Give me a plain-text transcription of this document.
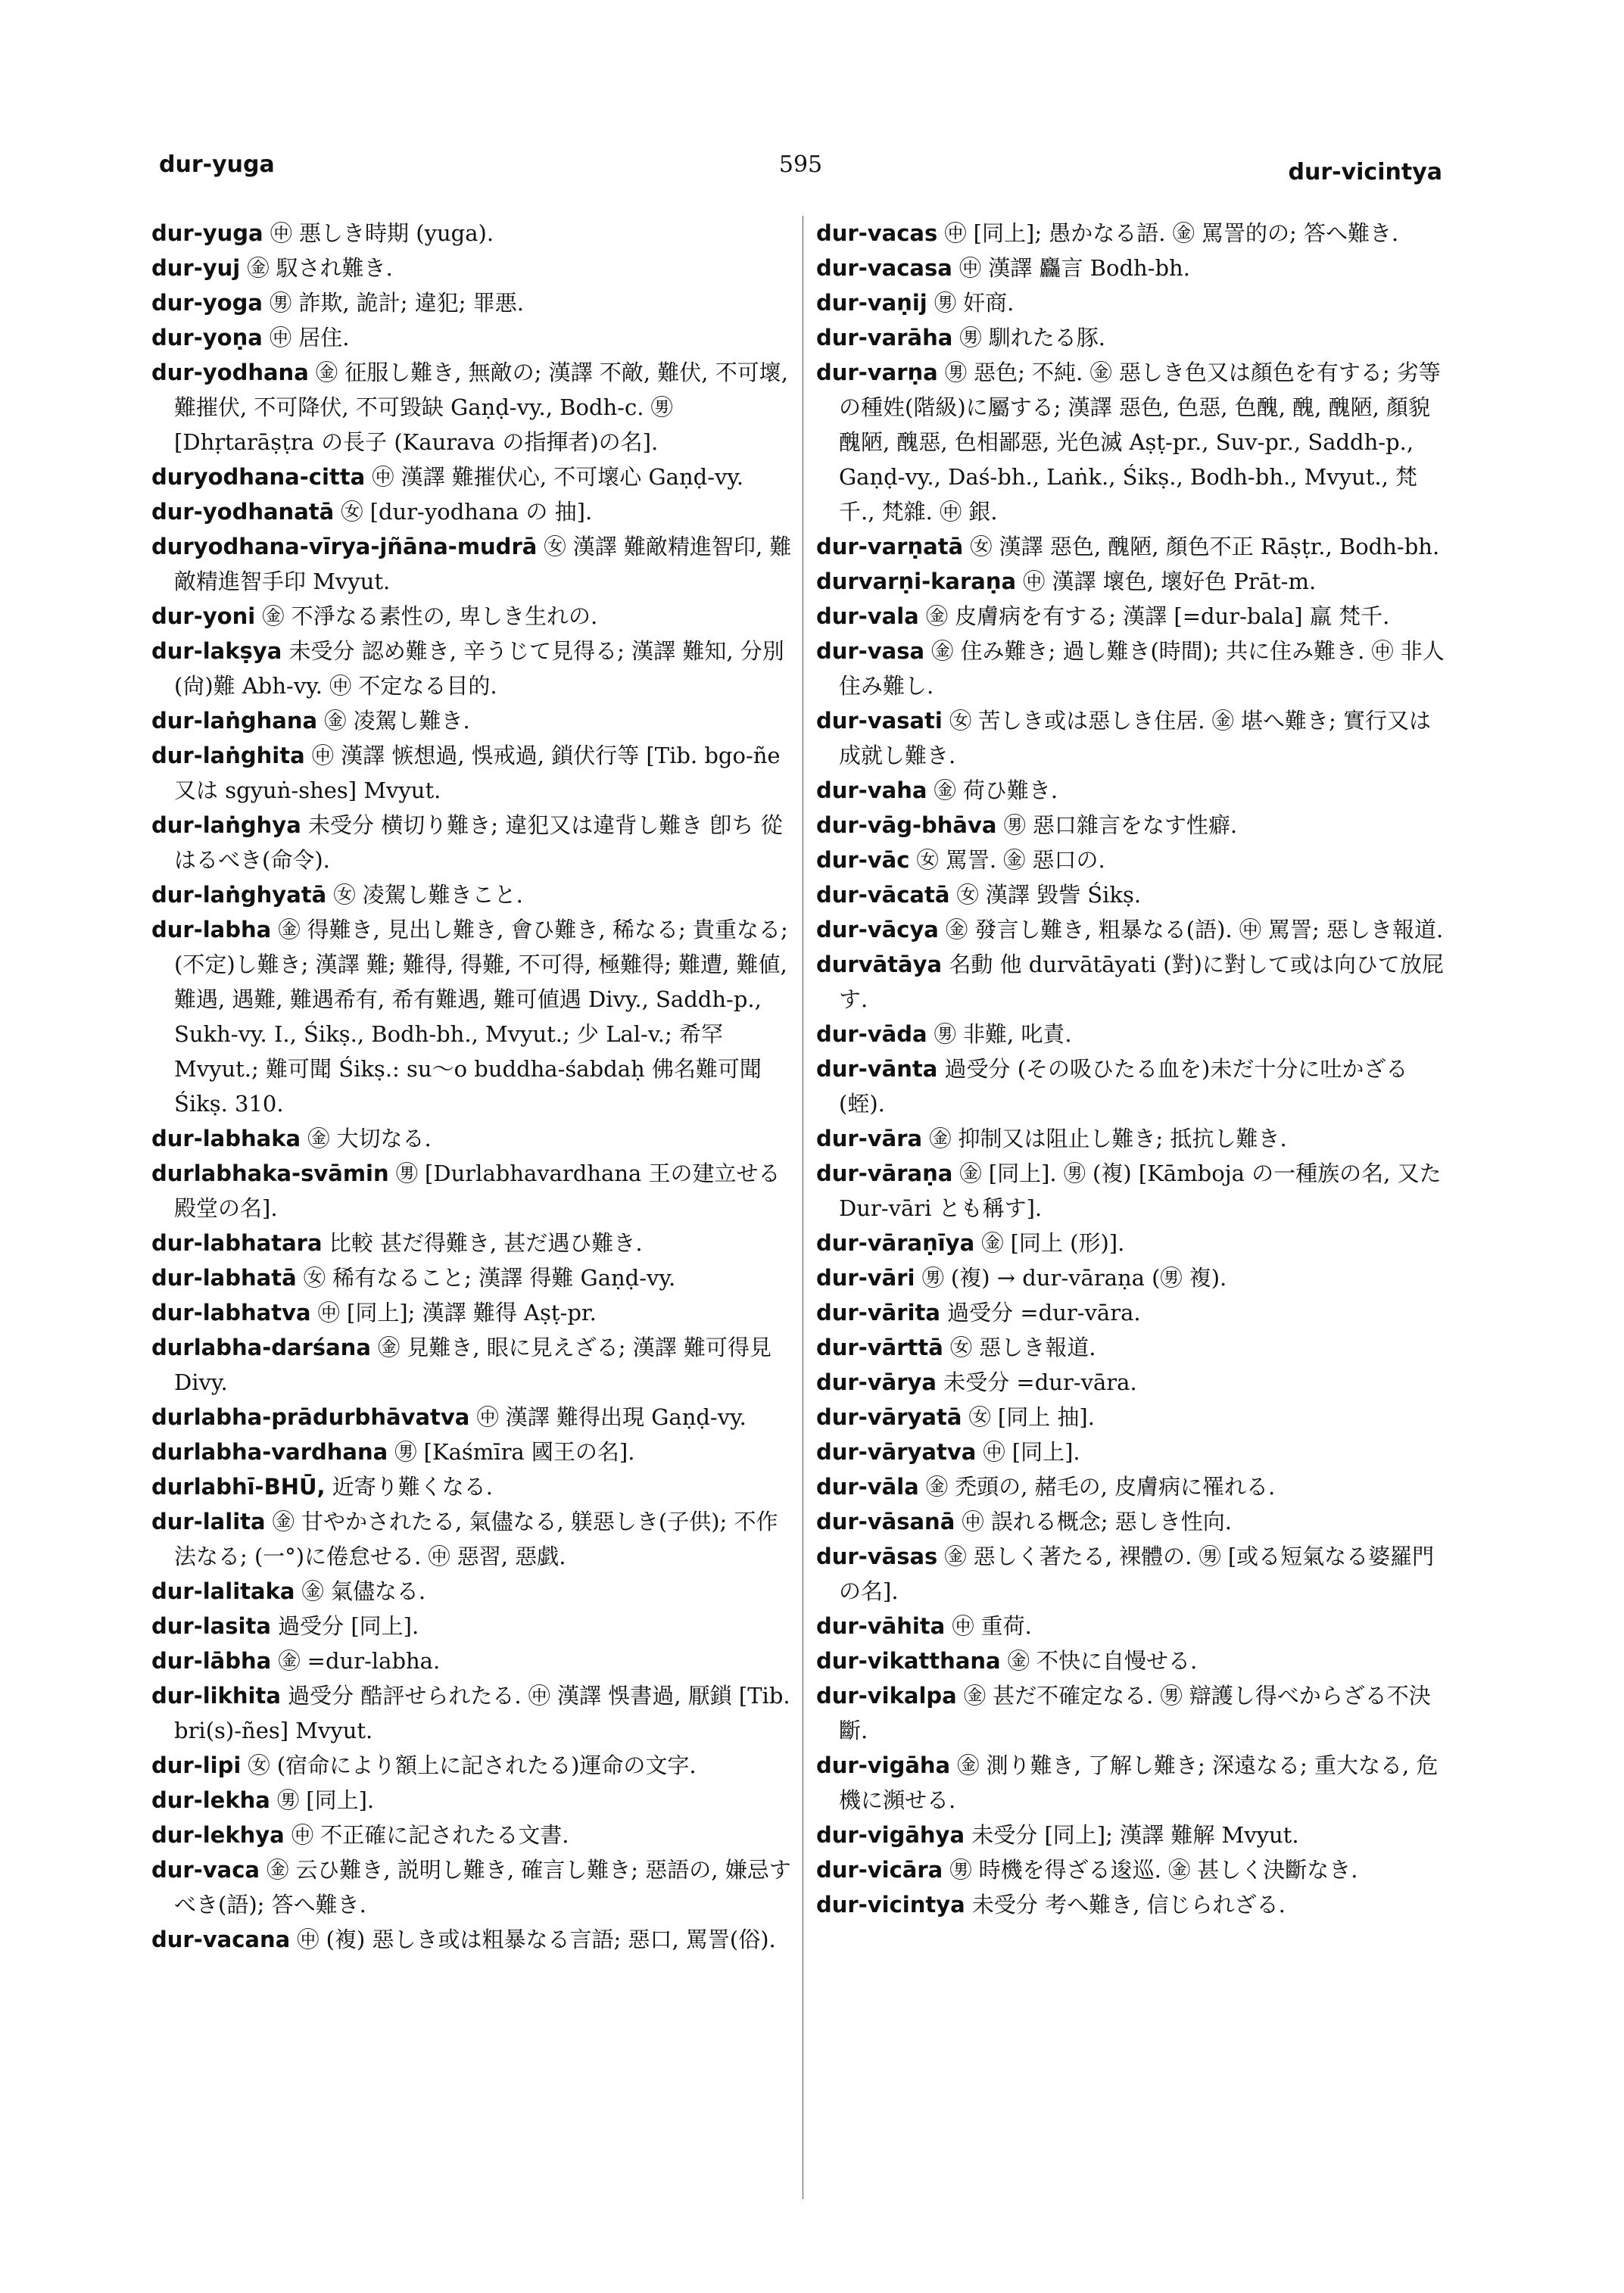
595
dur-yuga	dur-vicintya

dur-yuga ㊥ 悪しき時期 (yuga).

dur-yuj ㊎ 馭され難き.

dur-yoga ㊚ 詐欺, 詭計; 違犯; 罪悪.

dur-yoṇa ㊥ 居住.

dur-yodhana ㊎ 征服し難き, 無敵の; 漢譯 不敵, 難伏, 不可壞, 難摧伏, 不可降伏, 不可毀缺 Gaṇḍ-vy., Bodh-c. ㊚ [Dhṛtarāṣṭra の長子 (Kaurava の指揮者)の名].

duryodhana-citta ㊥ 漢譯 難摧伏心, 不可壞心 Gaṇḍ-vy.

dur-yodhanatā ㊛ [dur-yodhana の 抽].

duryodhana-vīrya-jñāna-mudrā ㊛ 漢譯 難敵精進智印, 難敵精進智手印 Mvyut.

dur-yoni ㊎ 不淨なる素性の, 卑しき生れの.

dur-lakṣya 未受分 認め難き, 辛うじて見得る; 漢譯 難知, 分別(尙)難 Abh-vy. ㊥ 不定なる目的.

dur-laṅghana ㊎ 凌駕し難き.

dur-laṅghita ㊥ 漢譯 愱想過, 悞戒過, 鎖伏行等 [Tib. bgo-ñe 又は sgyuṅ-shes] Mvyut.

dur-laṅghya 未受分 横切り難き; 違犯又は違背し難き 卽ち 從はるべき(命令).

dur-laṅghyatā ㊛ 凌駕し難きこと.

dur-labha ㊎ 得難き, 見出し難き, 會ひ難き, 稀なる; 貴重なる; (不定)し難き; 漢譯 難; 難得, 得難, 不可得, 極難得; 難遭, 難値, 難遇, 遇難, 難遇希有, 希有難遇, 難可値遇 Divy., Saddh-p., Sukh-vy. I., Śikṣ., Bodh-bh., Mvyut.; 少 Lal-v.; 希罕 Mvyut.; 難可聞 Śikṣ.: su〜o buddha-śabdaḥ 佛名難可聞 Śikṣ. 310.

dur-labhaka ㊎ 大切なる.

durlabhaka-svāmin ㊚ [Durlabhavardhana 王の建立せる殿堂の名].

dur-labhatara 比較 甚だ得難き, 甚だ遇ひ難き.

dur-labhatā ㊛ 稀有なること; 漢譯 得難 Gaṇḍ-vy.

dur-labhatva ㊥ [同上]; 漢譯 難得 Aṣṭ-pr.

durlabha-darśana ㊎ 見難き, 眼に見えざる; 漢譯 難可得見 Divy.

durlabha-prādurbhāvatva ㊥ 漢譯 難得出現 Gaṇḍ-vy.

durlabha-vardhana ㊚ [Kaśmīra 國王の名].

durlabhī-BHŪ, 近寄り難くなる.

dur-lalita ㊎ 甘やかされたる, 氣儘なる, 躾惡しき(子供); 不作法なる; (一°)に倦怠せる. ㊥ 惡習, 惡戯.

dur-lalitaka ㊎ 氣儘なる.

dur-lasita 過受分 [同上].

dur-lābha ㊎ =dur-labha.

dur-likhita 過受分 酷評せられたる. ㊥ 漢譯 悞書過, 厭鎖 [Tib. bri(s)-ñes] Mvyut.

dur-lipi ㊛ (宿命により額上に記されたる)運命の文字.

dur-lekha ㊚ [同上].

dur-lekhya ㊥ 不正確に記されたる文書.

dur-vaca ㊎ 云ひ難き, 説明し難き, 確言し難き; 惡語の, 嫌忌すべき(語); 答へ難き.

dur-vacana ㊥ (複) 惡しき或は粗暴なる言語; 惡口, 罵詈(俗).

dur-vacas ㊥ [同上]; 愚かなる語. ㊎ 罵詈的の; 答へ難き.

dur-vacasa ㊥ 漢譯 麤言 Bodh-bh.

dur-vaṇij ㊚ 奸商.

dur-varāha ㊚ 馴れたる豚.

dur-varṇa ㊚ 惡色; 不純. ㊎ 惡しき色又は顏色を有する; 劣等の種姓(階級)に屬する; 漢譯 惡色, 色惡, 色醜, 醜, 醜陋, 顏貌醜陋, 醜惡, 色相鄙惡, 光色滅 Aṣṭ-pr., Suv-pr., Saddh-p., Gaṇḍ-vy., Daś-bh., Laṅk., Śikṣ., Bodh-bh., Mvyut., 梵千., 梵雜. ㊥ 銀.

dur-varṇatā ㊛ 漢譯 惡色, 醜陋, 顏色不正 Rāṣṭr., Bodh-bh.

durvarṇi-karaṇa ㊥ 漢譯 壞色, 壞好色 Prāt-m.

dur-vala ㊎ 皮膚病を有する; 漢譯 [=dur-bala] 羸 梵千.

dur-vasa ㊎ 住み難き; 過し難き(時間); 共に住み難き. ㊥ 非人 住み難し.

dur-vasati ㊛ 苦しき或は惡しき住居. ㊎ 堪へ難き; 實行又は成就し難き.

dur-vaha ㊎ 荷ひ難き.

dur-vāg-bhāva ㊚ 惡口雜言をなす性癖.

dur-vāc ㊛ 罵詈. ㊎ 惡口の.

dur-vācatā ㊛ 漢譯 毀訾 Śikṣ.

dur-vācya ㊎ 發言し難き, 粗暴なる(語). ㊥ 罵詈; 惡しき報道.

durvātāya 名動 他 durvātāyati (對)に對して或は向ひて放屁す.

dur-vāda ㊚ 非難, 叱責.

dur-vānta 過受分 (その吸ひたる血を)未だ十分に吐かざる(蛭).

dur-vāra ㊎ 抑制又は阻止し難き; 抵抗し難き.

dur-vāraṇa ㊎ [同上]. ㊚ (複) [Kāmboja の一種族の名, 又た Dur-vāri とも稱す].

dur-vāraṇīya ㊎ [同上 (形)].

dur-vāri ㊚ (複) → dur-vāraṇa (㊚ 複).

dur-vārita 過受分 =dur-vāra.

dur-vārttā ㊛ 惡しき報道.

dur-vārya 未受分 =dur-vāra.

dur-vāryatā ㊛ [同上 抽].

dur-vāryatva ㊥ [同上].

dur-vāla ㊎ 禿頭の, 赭毛の, 皮膚病に罹れる.

dur-vāsanā ㊥ 誤れる概念; 惡しき性向.

dur-vāsas ㊎ 惡しく著たる, 裸體の. ㊚ [或る短氣なる婆羅門の名].

dur-vāhita ㊥ 重荷.

dur-vikatthana ㊎ 不快に自慢せる.

dur-vikalpa ㊎ 甚だ不確定なる. ㊚ 辯護し得べからざる不決斷.

dur-vigāha ㊎ 測り難き, 了解し難き; 深遠なる; 重大なる, 危機に瀕せる.

dur-vigāhya 未受分 [同上]; 漢譯 難解 Mvyut.

dur-vicāra ㊚ 時機を得ざる逡巡. ㊎ 甚しく決斷なき.

dur-vicintya 未受分 考へ難き, 信じられざる.
